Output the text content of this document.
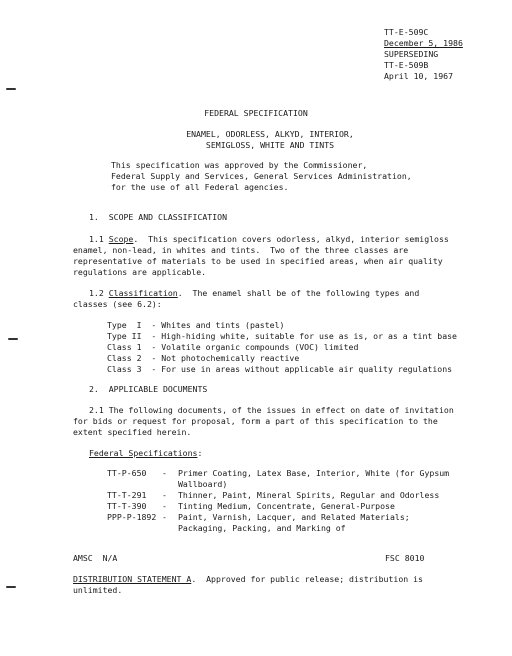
TT-E-509C
December 5, 1986
SUPERSEDING
TT-E-509B
April 10, 1967
FEDERAL SPECIFICATION
ENAMEL, ODORLESS, ALKYD, INTERIOR,
SEMIGLOSS, WHITE AND TINTS
This specification was approved by the Commissioner,
Federal Supply and Services, General Services Administration,
for the use of all Federal agencies.
1.  SCOPE AND CLASSIFICATION
1.1 Scope.  This specification covers odorless, alkyd, interior semigloss
enamel, non-lead, in whites and tints.  Two of the three classes are
representative of materials to be used in specified areas, when air quality
regulations are applicable.
1.2 Classification.  The enamel shall be of the following types and
classes (see 6.2):
Type  I  - Whites and tints (pastel)
Type II  - High-hiding white, suitable for use as is, or as a tint base
Class 1  - Volatile organic compounds (VOC) limited
Class 2  - Not photochemically reactive
Class 3  - For use in areas without applicable air quality regulations
2.  APPLICABLE DOCUMENTS
2.1 The following documents, of the issues in effect on date of invitation
for bids or request for proposal, form a part of this specification to the
extent specified herein.
Federal Specifications:
TT-P-650 - Primer Coating, Latex Base, Interior, White (for Gypsum
Wallboard)
TT-T-291 - Thinner, Paint, Mineral Spirits, Regular and Odorless
TT-T-390 - Tinting Medium, Concentrate, General-Purpose
PPP-P-1892 - Paint, Varnish, Lacquer, and Related Materials;
Packaging, Packing, and Marking of
AMSC  N/A	FSC 8010
DISTRIBUTION STATEMENT A.  Approved for public release; distribution is
unlimited.
